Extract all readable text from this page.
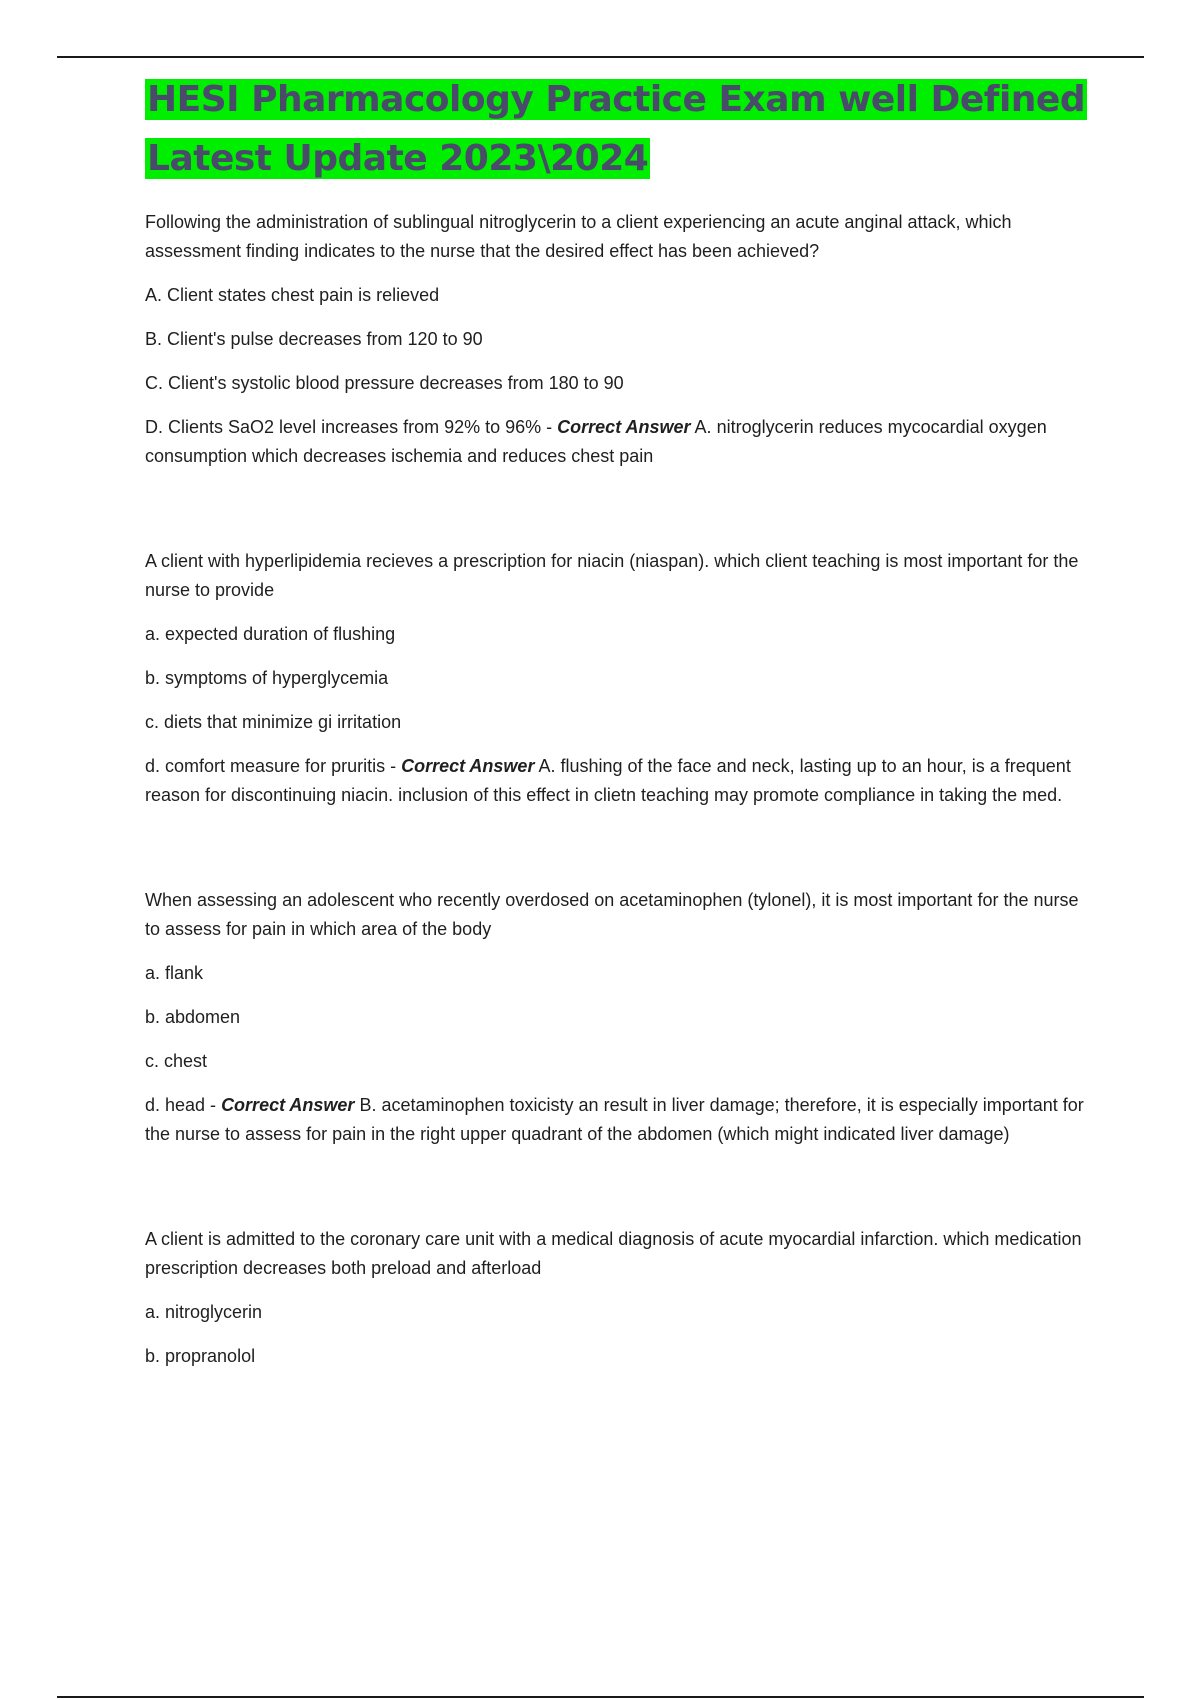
HESI Pharmacology Practice Exam well Defined Latest Update 2023\2024

Following the administration of sublingual nitroglycerin to a client experiencing an acute anginal attack, which assessment finding indicates to the nurse that the desired effect has been achieved?

A. Client states chest pain is relieved

B. Client's pulse decreases from 120 to 90

C. Client's systolic blood pressure decreases from 180 to 90

D. Clients SaO2 level increases from 92% to 96% - Correct Answer A. nitroglycerin reduces mycocardial oxygen consumption which decreases ischemia and reduces chest pain

A client with hyperlipidemia recieves a prescription for niacin (niaspan). which client teaching is most important for the nurse to provide

a. expected duration of flushing

b. symptoms of hyperglycemia

c. diets that minimize gi irritation

d. comfort measure for pruritis - Correct Answer A. flushing of the face and neck, lasting up to an hour, is a frequent reason for discontinuing niacin. inclusion of this effect in clietn teaching may promote compliance in taking the med.

When assessing an adolescent who recently overdosed on acetaminophen (tylonel), it is most important for the nurse to assess for pain in which area of the body

a. flank

b. abdomen

c. chest

d. head - Correct Answer B. acetaminophen toxicisty an result in liver damage; therefore, it is especially important for the nurse to assess for pain in the right upper quadrant of the abdomen (which might indicated liver damage)

A client is admitted to the coronary care unit with a medical diagnosis of acute myocardial infarction. which medication prescription decreases both preload and afterload

a. nitroglycerin

b. propranolol
